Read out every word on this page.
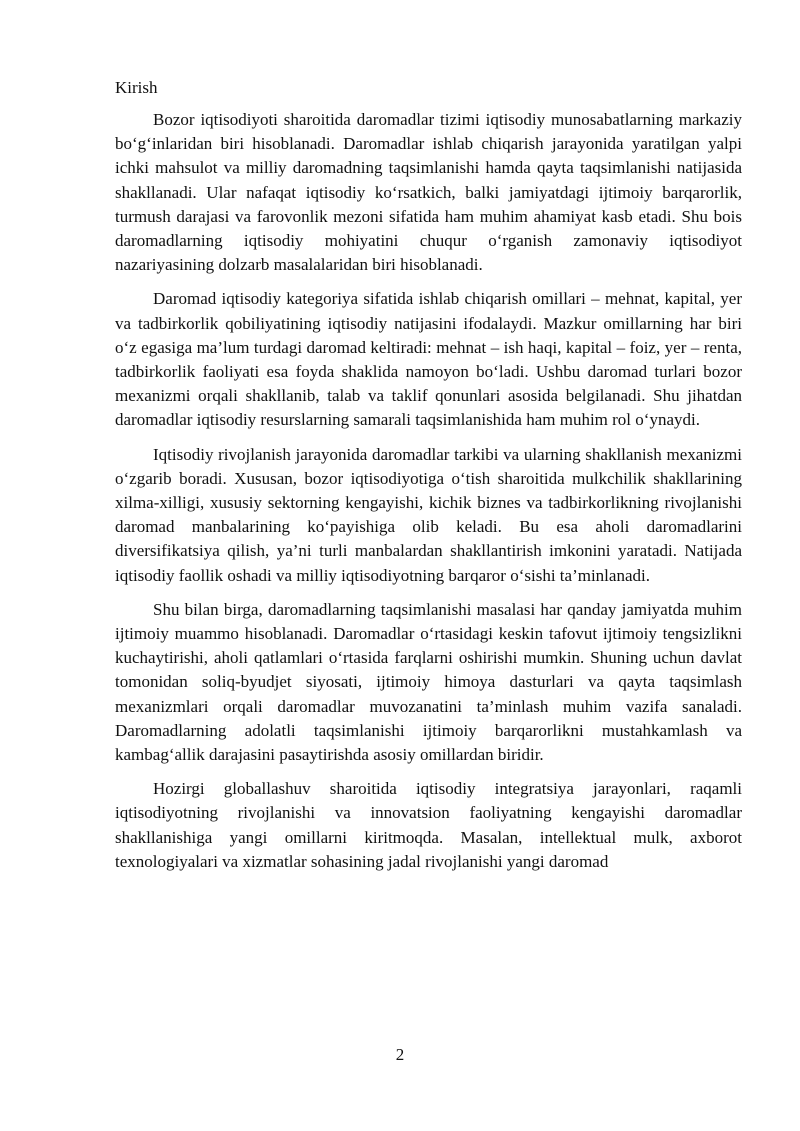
Kirish

Bozor iqtisodiyoti sharoitida daromadlar tizimi iqtisodiy munosabatlarning markaziy bo‘g‘inlaridan biri hisoblanadi. Daromadlar ishlab chiqarish jarayonida yaratilgan yalpi ichki mahsulot va milliy daromadning taqsimlanishi hamda qayta taqsimlanishi natijasida shakllanadi. Ular nafaqat iqtisodiy ko‘rsatkich, balki jamiyatdagi ijtimoiy barqarorlik, turmush darajasi va farovonlik mezoni sifatida ham muhim ahamiyat kasb etadi. Shu bois daromadlarning iqtisodiy mohiyatini chuqur o‘rganish zamonaviy iqtisodiyot nazariyasining dolzarb masalalaridan biri hisoblanadi.

Daromad iqtisodiy kategoriya sifatida ishlab chiqarish omillari – mehnat, kapital, yer va tadbirkorlik qobiliyatining iqtisodiy natijasini ifodalaydi. Mazkur omillarning har biri o‘z egasiga ma’lum turdagi daromad keltiradi: mehnat – ish haqi, kapital – foiz, yer – renta, tadbirkorlik faoliyati esa foyda shaklida namoyon bo‘ladi. Ushbu daromad turlari bozor mexanizmi orqali shakllanib, talab va taklif qonunlari asosida belgilanadi. Shu jihatdan daromadlar iqtisodiy resurslarning samarali taqsimlanishida ham muhim rol o‘ynaydi.

Iqtisodiy rivojlanish jarayonida daromadlar tarkibi va ularning shakllanish mexanizmi o‘zgarib boradi. Xususan, bozor iqtisodiyotiga o‘tish sharoitida mulkchilik shakllarining xilma-xilligi, xususiy sektorning kengayishi, kichik biznes va tadbirkorlikning rivojlanishi daromad manbalarining ko‘payishiga olib keladi. Bu esa aholi daromadlarini diversifikatsiya qilish, ya’ni turli manbalardan shakllantirish imkonini yaratadi. Natijada iqtisodiy faollik oshadi va milliy iqtisodiyotning barqaror o‘sishi ta’minlanadi.

Shu bilan birga, daromadlarning taqsimlanishi masalasi har qanday jamiyatda muhim ijtimoiy muammo hisoblanadi. Daromadlar o‘rtasidagi keskin tafovut ijtimoiy tengsizlikni kuchaytirishi, aholi qatlamlari o‘rtasida farqlarni oshirishi mumkin. Shuning uchun davlat tomonidan soliq-byudjet siyosati, ijtimoiy himoya dasturlari va qayta taqsimlash mexanizmlari orqali daromadlar muvozanatini ta’minlash muhim vazifa sanaladi. Daromadlarning adolatli taqsimlanishi ijtimoiy barqarorlikni mustahkamlash va kambag‘allik darajasini pasaytirishda asosiy omillardan biridir.

Hozirgi globallashuv sharoitida iqtisodiy integratsiya jarayonlari, raqamli iqtisodiyotning rivojlanishi va innovatsion faoliyatning kengayishi daromadlar shakllanishiga yangi omillarni kiritmoqda. Masalan, intellektual mulk, axborot texnologiyalari va xizmatlar sohasining jadal rivojlanishi yangi daromad

2
